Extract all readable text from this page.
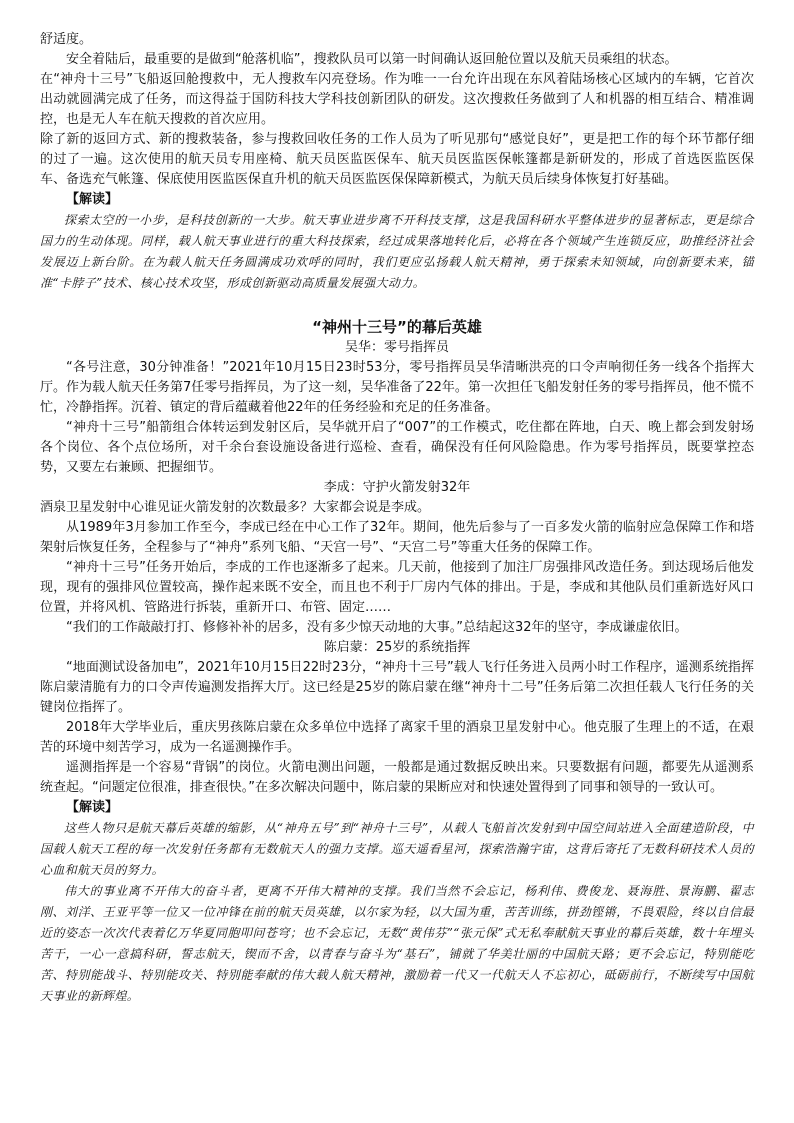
舒适度。

安全着陆后，最重要的是做到“舱落机临”，搜救队员可以第一时间确认返回舱位置以及航天员乘组的状态。

在“神舟十三号”飞船返回舱搜救中，无人搜救车闪亮登场。作为唯一一台允许出现在东风着陆场核心区域内的车辆，它首次出动就圆满完成了任务，而这得益于国防科技大学科技创新团队的研发。这次搜救任务做到了人和机器的相互结合、精准调控，也是无人车在航天搜救的首次应用。

除了新的返回方式、新的搜救装备，参与搜救回收任务的工作人员为了听见那句“感觉良好”，更是把工作的每个环节都仔细的过了一遍。这次使用的航天员专用座椅、航天员医监医保车、航天员医监医保帐篷都是新研发的，形成了首选医监医保车、备选充气帐篷、保底使用医监医保直升机的航天员医监医保保障新模式，为航天员后续身体恢复打好基础。

【解读】

探索太空的一小步，是科技创新的一大步。航天事业进步离不开科技支撑，这是我国科研水平整体进步的显著标志，更是综合国力的生动体现。同样，载人航天事业进行的重大科技探索，经过成果落地转化后，必将在各个领域产生连锁反应，助推经济社会发展迈上新台阶。在为载人航天任务圆满成功欢呼的同时，我们更应弘扬载人航天精神，勇于探索未知领域，向创新要未来，锚准“卡脖子”技术、核心技术攻坚，形成创新驱动高质量发展强大动力。

“神州十三号”的幕后英雄

吴华：零号指挥员

“各号注意，30分钟准备！”2021年10月15日23时53分，零号指挥员吴华清晰洪亮的口令声响彻任务一线各个指挥大厅。作为载人航天任务第7任零号指挥员，为了这一刻，吴华准备了22年。第一次担任飞船发射任务的零号指挥员，他不慌不忙，冷静指挥。沉着、镇定的背后蕴藏着他22年的任务经验和充足的任务准备。

“神舟十三号”船箭组合体转运到发射区后，吴华就开启了“007”的工作模式，吃住都在阵地，白天、晚上都会到发射场各个岗位、各个点位场所，对千余台套设施设备进行巡检、查看，确保没有任何风险隐患。作为零号指挥员，既要掌控态势，又要左右兼顾、把握细节。

李成：守护火箭发射32年

酒泉卫星发射中心谁见证火箭发射的次数最多？大家都会说是李成。

从1989年3月参加工作至今，李成已经在中心工作了32年。期间，他先后参与了一百多发火箭的临射应急保障工作和塔架射后恢复任务，全程参与了“神舟”系列飞船、“天宫一号”、“天宫二号”等重大任务的保障工作。

“神舟十三号”任务开始后，李成的工作也逐渐多了起来。几天前，他接到了加注厂房强排风改造任务。到达现场后他发现，现有的强排风位置较高，操作起来既不安全，而且也不利于厂房内气体的排出。于是，李成和其他队员们重新选好风口位置，并将风机、管路进行拆装，重新开口、布管、固定……

“我们的工作敲敲打打、修修补补的居多，没有多少惊天动地的大事。”总结起这32年的坚守，李成谦虚依旧。

陈启蒙：25岁的系统指挥

“地面测试设备加电”，2021年10月15日22时23分，“神舟十三号”载人飞行任务进入员两小时工作程序，遥测系统指挥陈启蒙清脆有力的口令声传遍测发指挥大厅。这已经是25岁的陈启蒙在继“神舟十二号”任务后第二次担任载人飞行任务的关键岗位指挥了。

2018年大学毕业后，重庆男孩陈启蒙在众多单位中选择了离家千里的酒泉卫星发射中心。他克服了生理上的不适，在艰苦的环境中刻苦学习，成为一名遥测操作手。

遥测指挥是一个容易“背锅”的岗位。火箭电测出问题，一般都是通过数据反映出来。只要数据有问题，都要先从遥测系统查起。“问题定位很准，排查很快。”在多次解决问题中，陈启蒙的果断应对和快速处置得到了同事和领导的一致认可。

【解读】

这些人物只是航天幕后英雄的缩影，从“神舟五号”到“神舟十三号”，从载人飞船首次发射到中国空间站进入全面建造阶段，中国载人航天工程的每一次发射任务都有无数航天人的强力支撑。巡天遥看星河，探索浩瀚宇宙，这背后寄托了无数科研技术人员的心血和航天员的努力。

伟大的事业离不开伟大的奋斗者，更离不开伟大精神的支撑。我们当然不会忘记，杨利伟、费俊龙、聂海胜、景海鹏、翟志刚、刘洋、王亚平等一位又一位冲锋在前的航天员英雄，以尔家为轻，以大国为重，苦苦训练，拼劲铿锵，不畏艰险，终以自信最近的姿态一次次代表着亿万华夏同胞叩问苍穹；也不会忘记，无数“黄伟芬”“张元保”式无私奉献航天事业的幕后英雄，数十年埋头苦干，一心一意搞科研，誓志航天，锲而不舍，以青春与奋斗为“基石”，铺就了华美壮丽的中国航天路；更不会忘记，特别能吃苦、特别能战斗、特别能攻关、特别能奉献的伟大载人航天精神，激励着一代又一代航天人不忘初心，砥砺前行，不断续写中国航天事业的新辉煌。
